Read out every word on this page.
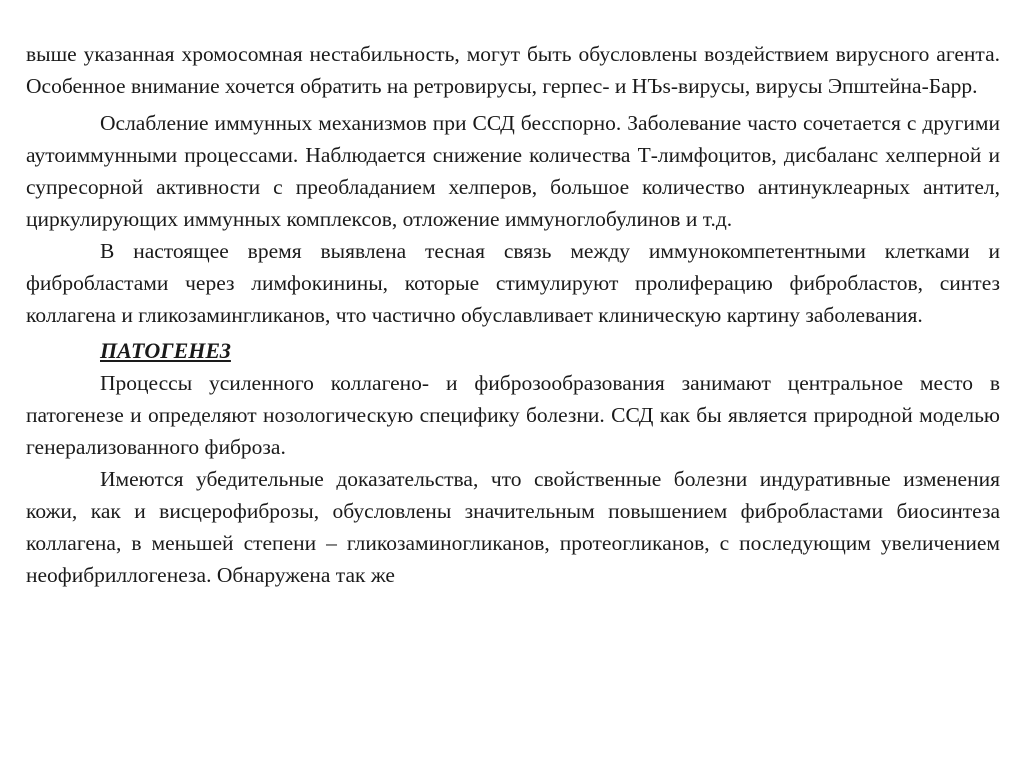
выше указанная хромосомная нестабильность, могут быть обусловлены воздействием вирусного агента. Особенное внимание хочется обратить на ретровирусы, герпес- и НЪs-вирусы, вирусы Эпштейна-Барр.

Ослабление иммунных механизмов при ССД бесспорно. Заболевание часто сочетается с другими аутоиммунными процессами. Наблюдается снижение количества Т-лимфоцитов, дисбаланс хелперной и супресорной активности с преобладанием хелперов, большое количество антинуклеарных антител, циркулирующих иммунных комплексов, отложение иммуноглобулинов и т.д.

В настоящее время выявлена тесная связь между иммунокомпетентными клетками и фибробластами через лимфокинины, которые стимулируют пролиферацию фибробластов, синтез коллагена и гликозамингликанов, что частично обуславливает клиническую картину заболевания.

ПАТОГЕНЕЗ

Процессы усиленного коллагено- и фиброзообразования занимают центральное место в патогенезе и определяют нозологическую специфику болезни. ССД как бы является природной моделью генерализованного фиброза.

Имеются убедительные доказательства, что свойственные болезни индуративные изменения кожи, как и висцерофиброзы, обусловлены значительным повышением фибробластами биосинтеза коллагена, в меньшей степени – гликозаминогликанов, протеогликанов, с последующим увеличением неофибриллогенеза. Обнаружена так же
